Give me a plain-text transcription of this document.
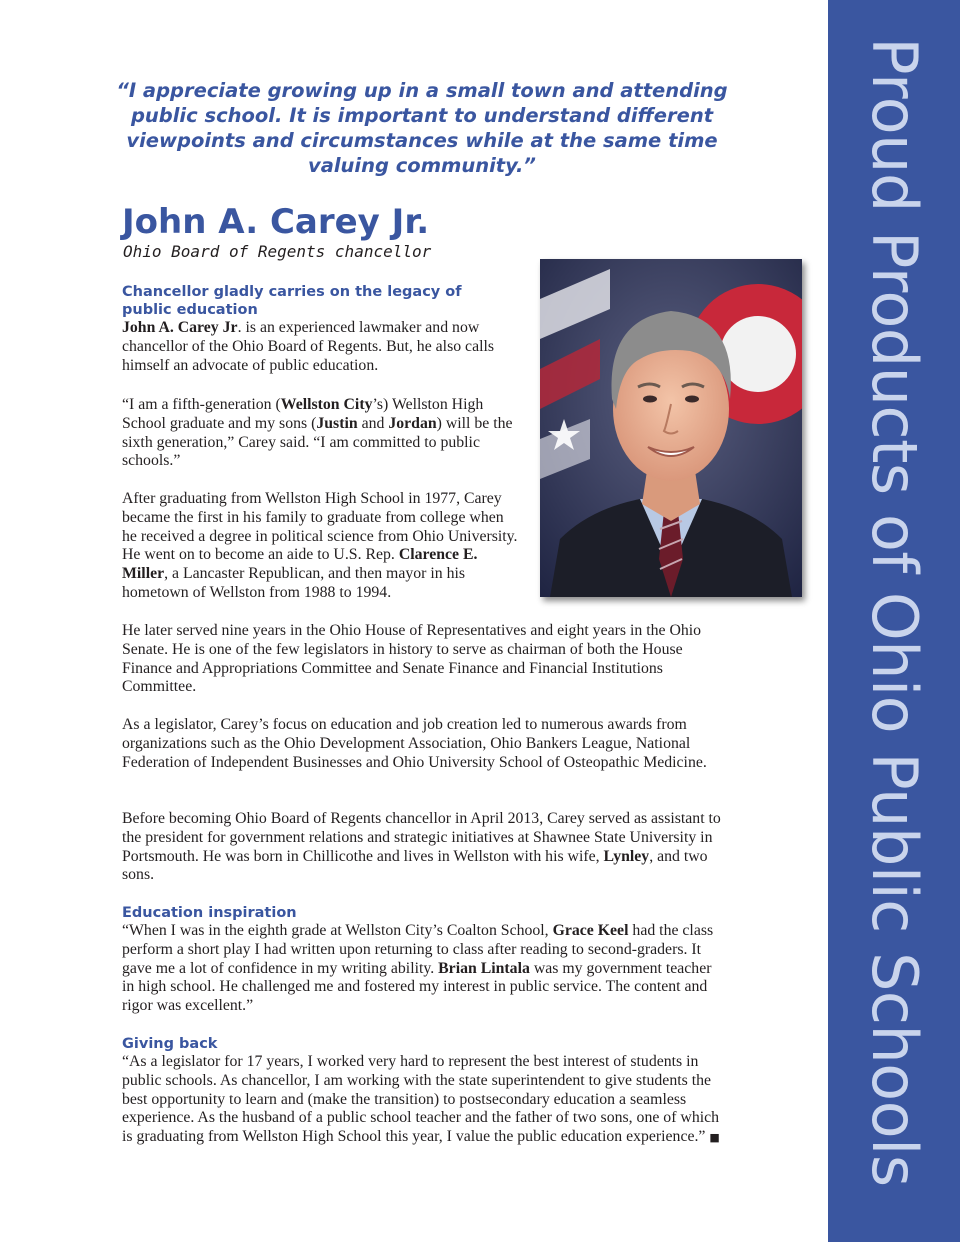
Proud Products of Ohio Public Schools
“I appreciate growing up in a small town and attending public school. It is important to understand different viewpoints and circumstances while at the same time valuing community.”
John A. Carey Jr.
Ohio Board of Regents chancellor
Chancellor gladly carries on the legacy of public education

John A. Carey Jr. is an experienced lawmaker and now chancellor of the Ohio Board of Regents. But, he also calls himself an advocate of public education.

“I am a fifth-generation (Wellston City’s) Wellston High School graduate and my sons (Justin and Jordan) will be the sixth generation,” Carey said. “I am committed to public schools.”

After graduating from Wellston High School in 1977, Carey became the first in his family to graduate from college when he received a degree in political science from Ohio University. He went on to become an aide to U.S. Rep. Clarence E. Miller, a Lancaster Republican, and then mayor in his hometown of Wellston from 1988 to 1994.

He later served nine years in the Ohio House of Representatives and eight years in the Ohio Senate. He is one of the few legislators in history to serve as chairman of both the House Finance and Appropriations Committee and Senate Finance and Financial Institutions Committee.

As a legislator, Carey’s focus on education and job creation led to numerous awards from organizations such as the Ohio Development Association, Ohio Bankers League, National Federation of Independent Businesses and Ohio University School of Osteopathic Medicine.

Before becoming Ohio Board of Regents chancellor in April 2013, Carey served as assistant to the president for government relations and strategic initiatives at Shawnee State University in Portsmouth. He was born in Chillicothe and lives in Wellston with his wife, Lynley, and two sons.

Education inspiration

“When I was in the eighth grade at Wellston City’s Coalton School, Grace Keel had the class perform a short play I had written upon returning to class after reading to second-graders. It gave me a lot of confidence in my writing ability. Brian Lintala was my government teacher in high school. He challenged me and fostered my interest in public service. The content and rigor was excellent.”

Giving back

“As a legislator for 17 years, I worked very hard to represent the best interest of students in public schools. As chancellor, I am working with the state superintendent to give students the best opportunity to learn and (make the transition) to postsecondary education a seamless experience. As the husband of a public school teacher and the father of two sons, one of which is graduating from Wellston High School this year, I value the public education experience.” ■
